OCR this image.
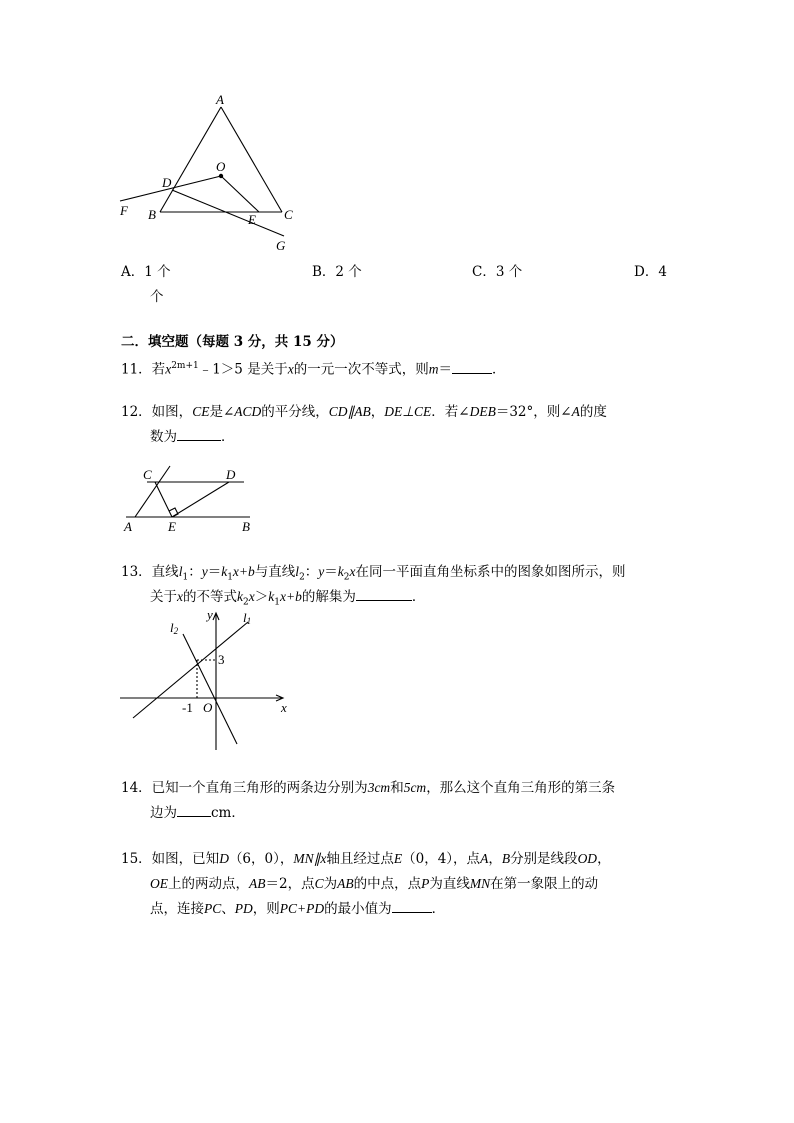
A
O
D
F B	E C
G
A．1 个	B．2 个	C．3 个	D．4
个
二．填空题（每题 3 分，共 15 分）
11．若$x^{2m+1}﹣1>5$ 是关于x的一元一次不等式，则m＝	．
12．如图，CE是∠ACD的平分线，CD∥AB，DE⊥CE．若∠DEB＝32°，则∠A的度
数为	．
C	D
A	E	B
13．直线$l_1$：$y=k_1x+b$与直线$l_2$：$y=k_2x$在同一平面直角坐标系中的图象如图所示，则
关于x的不等式$k_2x>k_1x+b$的解集为	．
y l1
l2
3
-1 O	x
14．已知一个直角三角形的两条边分别为3cm和5cm，那么这个直角三角形的第三条
边为	cm．
15．如图，已知D（6，0），MN∥x轴且经过点E（0，4），点A，B分别是线段OD，
OE上的两动点，AB＝2，点C为AB的中点，点P为直线MN在第一象限上的动
点，连接PC、PD，则PC+PD的最小值为	．
